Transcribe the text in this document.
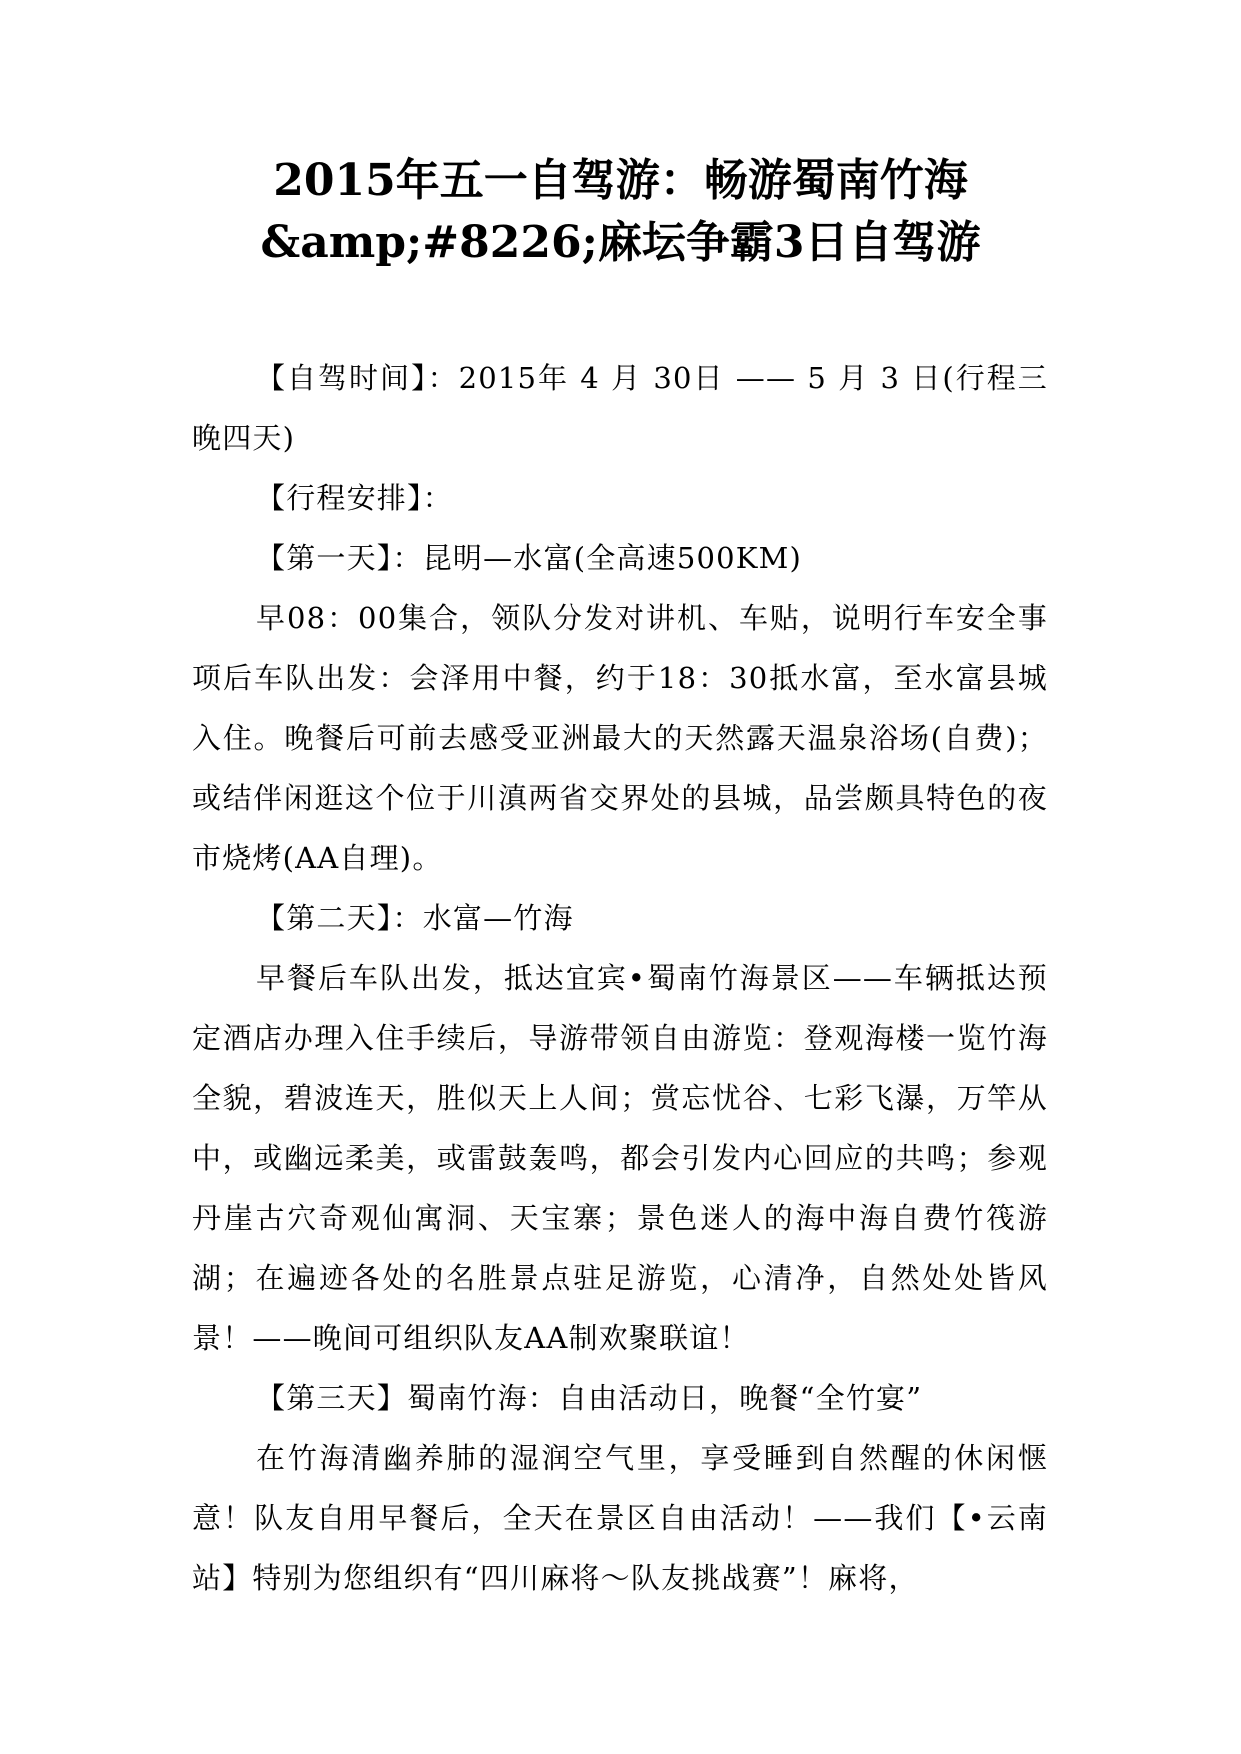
2015年五一自驾游：畅游蜀南竹海
&amp;#8226;麻坛争霸3日自驾游

【自驾时间】：2015年 4 月 30日 —— 5 月 3 日(行程三晚四天)

【行程安排】：

【第一天】：昆明—水富(全高速500KM)

早08：00集合，领队分发对讲机、车贴，说明行车安全事项后车队出发：会泽用中餐，约于18：30抵水富，至水富县城入住。晚餐后可前去感受亚洲最大的天然露天温泉浴场(自费)；或结伴闲逛这个位于川滇两省交界处的县城，品尝颇具特色的夜市烧烤(AA自理)。

【第二天】：水富—竹海

早餐后车队出发，抵达宜宾•蜀南竹海景区——车辆抵达预定酒店办理入住手续后，导游带领自由游览：登观海楼一览竹海全貌，碧波连天，胜似天上人间；赏忘忧谷、七彩飞瀑，万竿从中，或幽远柔美，或雷鼓轰鸣，都会引发内心回应的共鸣；参观丹崖古穴奇观仙寓洞、天宝寨；景色迷人的海中海自费竹筏游湖；在遍迹各处的名胜景点驻足游览，心清净，自然处处皆风景！——晚间可组织队友AA制欢聚联谊！

【第三天】蜀南竹海：自由活动日，晚餐“全竹宴”

在竹海清幽养肺的湿润空气里，享受睡到自然醒的休闲惬意！队友自用早餐后，全天在景区自由活动！——我们【•云南站】特别为您组织有“四川麻将～队友挑战赛”！麻将，
